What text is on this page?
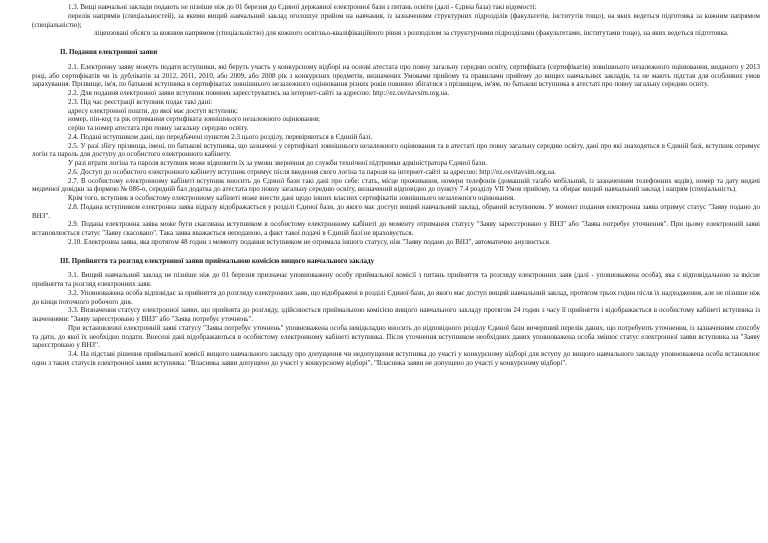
1.3. Вищі навчальні заклади подають не пізніше ніж до 01 березня до Єдиної державної електронної бази з питань освіти (далі - Єдина база) такі відомості:

перелік напрямів (спеціальностей), за якими вищий навчальний заклад оголошує прийом на навчання, із зазначенням структурних підрозділів (факультетів, інститутів тощо), на яких ведеться підготовка за кожним напрямом (спеціальністю);

ліцензовані обсяги за кожним напрямом (спеціальністю) для кожного освітньо-кваліфікаційного рівня з розподілом за структурними підрозділами (факультетами, інститутами тощо), на яких ведеться підготовка.

II. Подання електронної заяви

2.1. Електронну заяву можуть подати вступники, які беруть участь у конкурсному відборі на основі атестата про повну загальну середню освіту, сертифіката (сертифікатів) зовнішнього незалежного оцінювання, виданого у 2013 році, або сертифікатів чи їх дублікатів за 2012, 2011, 2010, або 2009, або 2008 рік з конкурсних предметів, визначених Умовами прийому та правилами прийому до вищих навчальних закладів, та не мають підстав для особливих умов зарахування. Прізвище, ім'я, по батькові вступника в сертифікатах зовнішнього незалежного оцінювання різних років повинно збігатися з прізвищем, ім'ям, по батькові вступника в атестаті про повну загальну середню освіту.

2.2. Для подання електронної заяви вступник повинен зареєструватись на інтернет-сайті за адресою: http://ez.osvitavsim.org.ua.

2.3. Під час реєстрації вступник подає такі дані:

адресу електронної пошти, до якої має доступ вступник;

номер, пін-код та рік отримання сертифіката зовнішнього незалежного оцінювання;

серію та номер атестата про повну загальну середню освіту.

2.4. Подані вступником дані, що передбачені пунктом 2.3 цього розділу, перевіряються в Єдиній базі.

2.5. У разі збігу прізвища, імені, по батькові вступника, що зазначені у сертифікаті зовнішнього незалежного оцінювання та в атестаті про повну загальну середню освіту, дані про які знаходяться в Єдиній базі, вступник отримує логін та пароль для доступу до особистого електронного кабінету.

У разі втрати логіна та пароля вступник може відновити їх за умови звернення до служби технічної підтримки адміністратора Єдиної бази.

2.6. Доступ до особистого електронного кабінету вступник отримує після введення свого логіна та пароля на інтернет-сайті за адресою: http://ez.osvitavsim.org.ua.

2.7. В особистому електронному кабінеті вступник вносить до Єдиної бази такі дані про себе: стать, місце проживання, номери телефонів (домашній та/або мобільний, із зазначенням телефонних кодів), номер та дату видачі медичної довідки за формою № 086-о, середній бал додатка до атестата про повну загальну середню освіту, визначений відповідно до пункту 7.4 розділу VII Умов прийому, та обирає вищий навчальний заклад і напрям (спеціальність).

Крім того, вступник в особистому електронному кабінеті може внести дані щодо інших власних сертифікатів зовнішнього незалежного оцінювання.

2.8. Подана вступником електронна заява відразу відображається у розділі Єдиної бази, до якого має доступ вищий навчальний заклад, обраний вступником. У момент подання електронна заява отримує статус "Заяву подано до ВНЗ".

2.9. Подана електронна заява може бути скасована вступником в особистому електронному кабінеті до моменту отримання статусу "Заяву зареєстровано у ВНЗ" або "Заява потребує уточнення". При цьому електронній заяві встановлюється статус "Заяву скасовано". Така заява вважається неподаною, а факт такої подачі в Єдиній базі не враховується.

2.10. Електронна заява, яка протягом 48 годин з моменту подання вступником не отримала іншого статусу, ніж "Заяву подано до ВНЗ", автоматично анулюється.

III. Прийняття та розгляд електронної заяви приймальною комісією вищого навчального закладу

3.1. Вищий навчальний заклад не пізніше ніж до 01 березня призначає уповноважену особу приймальної комісії з питань прийняття та розгляду електронних заяв (далі - уповноважена особа), яка є відповідальною за якісне прийняття та розгляд електронних заяв.

3.2. Уповноважена особа відповідає за прийняття до розгляду електронних заяв, що відображені в розділі Єдиної бази, до якого має доступ вищий навчальний заклад, протягом трьох годин після їх надходження, але не пізніше ніж до кінця поточного робочого дня.

3.3. Визначення статусу електронної заяви, що прийнята до розгляду, здійснюється приймальною комісією вищого навчального закладу протягом 24 годин з часу її прийняття і відображається в особистому кабінеті вступника із значеннями: "Заяву зареєстровано у ВНЗ" або "Заява потребує уточнень".

При встановленні електронній заяві статусу "Заява потребує уточнень" уповноважена особа невідкладно вносить до відповідного розділу Єдиної бази вичерпний перелік даних, що потребують уточнення, із зазначенням способу та дати, до якої їх необхідно подати. Внесені дані відображаються в особистому електронному кабінеті вступника. Після уточнення вступником необхідних даних уповноважена особа змінює статус електронної заяви вступника на "Заяву зареєстровано у ВНЗ".

3.4. На підставі рішення приймальної комісії вищого навчального закладу про допущення чи недопущення вступника до участі у конкурсному відборі для вступу до вищого навчального закладу уповноважена особа встановлює один з таких статусів електронної заяви вступника: "Власника заяви допущено до участі у конкурсному відборі", "Власника заяви не допущено до участі у конкурсному відборі".
